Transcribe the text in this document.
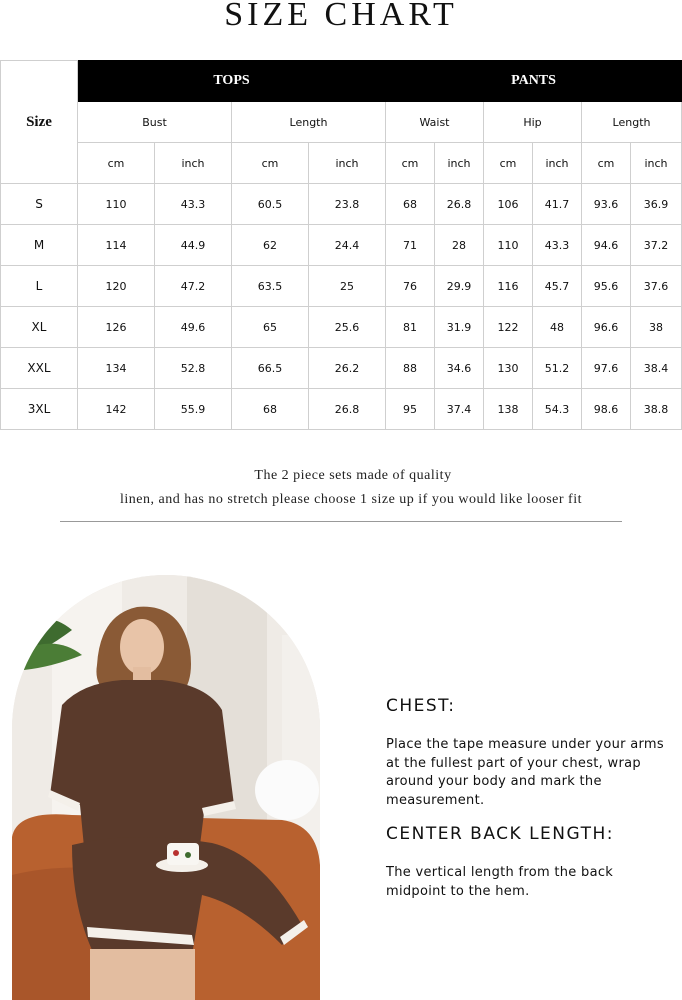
SIZE CHART
Size	TOPS				PANTS					
	Bust		Length		Waist		Hip		Length	
	cm	inch	cm	inch	cm	inch	cm	inch	cm	inch
S	110	43.3	60.5	23.8	68	26.8	106	41.7	93.6	36.9
M	114	44.9	62	24.4	71	28	110	43.3	94.6	37.2
L	120	47.2	63.5	25	76	29.9	116	45.7	95.6	37.6
XL	126	49.6	65	25.6	81	31.9	122	48	96.6	38
XXL	134	52.8	66.5	26.2	88	34.6	130	51.2	97.6	38.4
3XL	142	55.9	68	26.8	95	37.4	138	54.3	98.6	38.8
The 2 piece sets made of quality
linen, and has no stretch please choose 1 size up if you would like looser fit
CHEST:
Place the tape measure under your arms at the fullest part of your chest, wrap around your body and mark the measurement.
CENTER BACK LENGTH:
The vertical length from the back midpoint to the hem.
